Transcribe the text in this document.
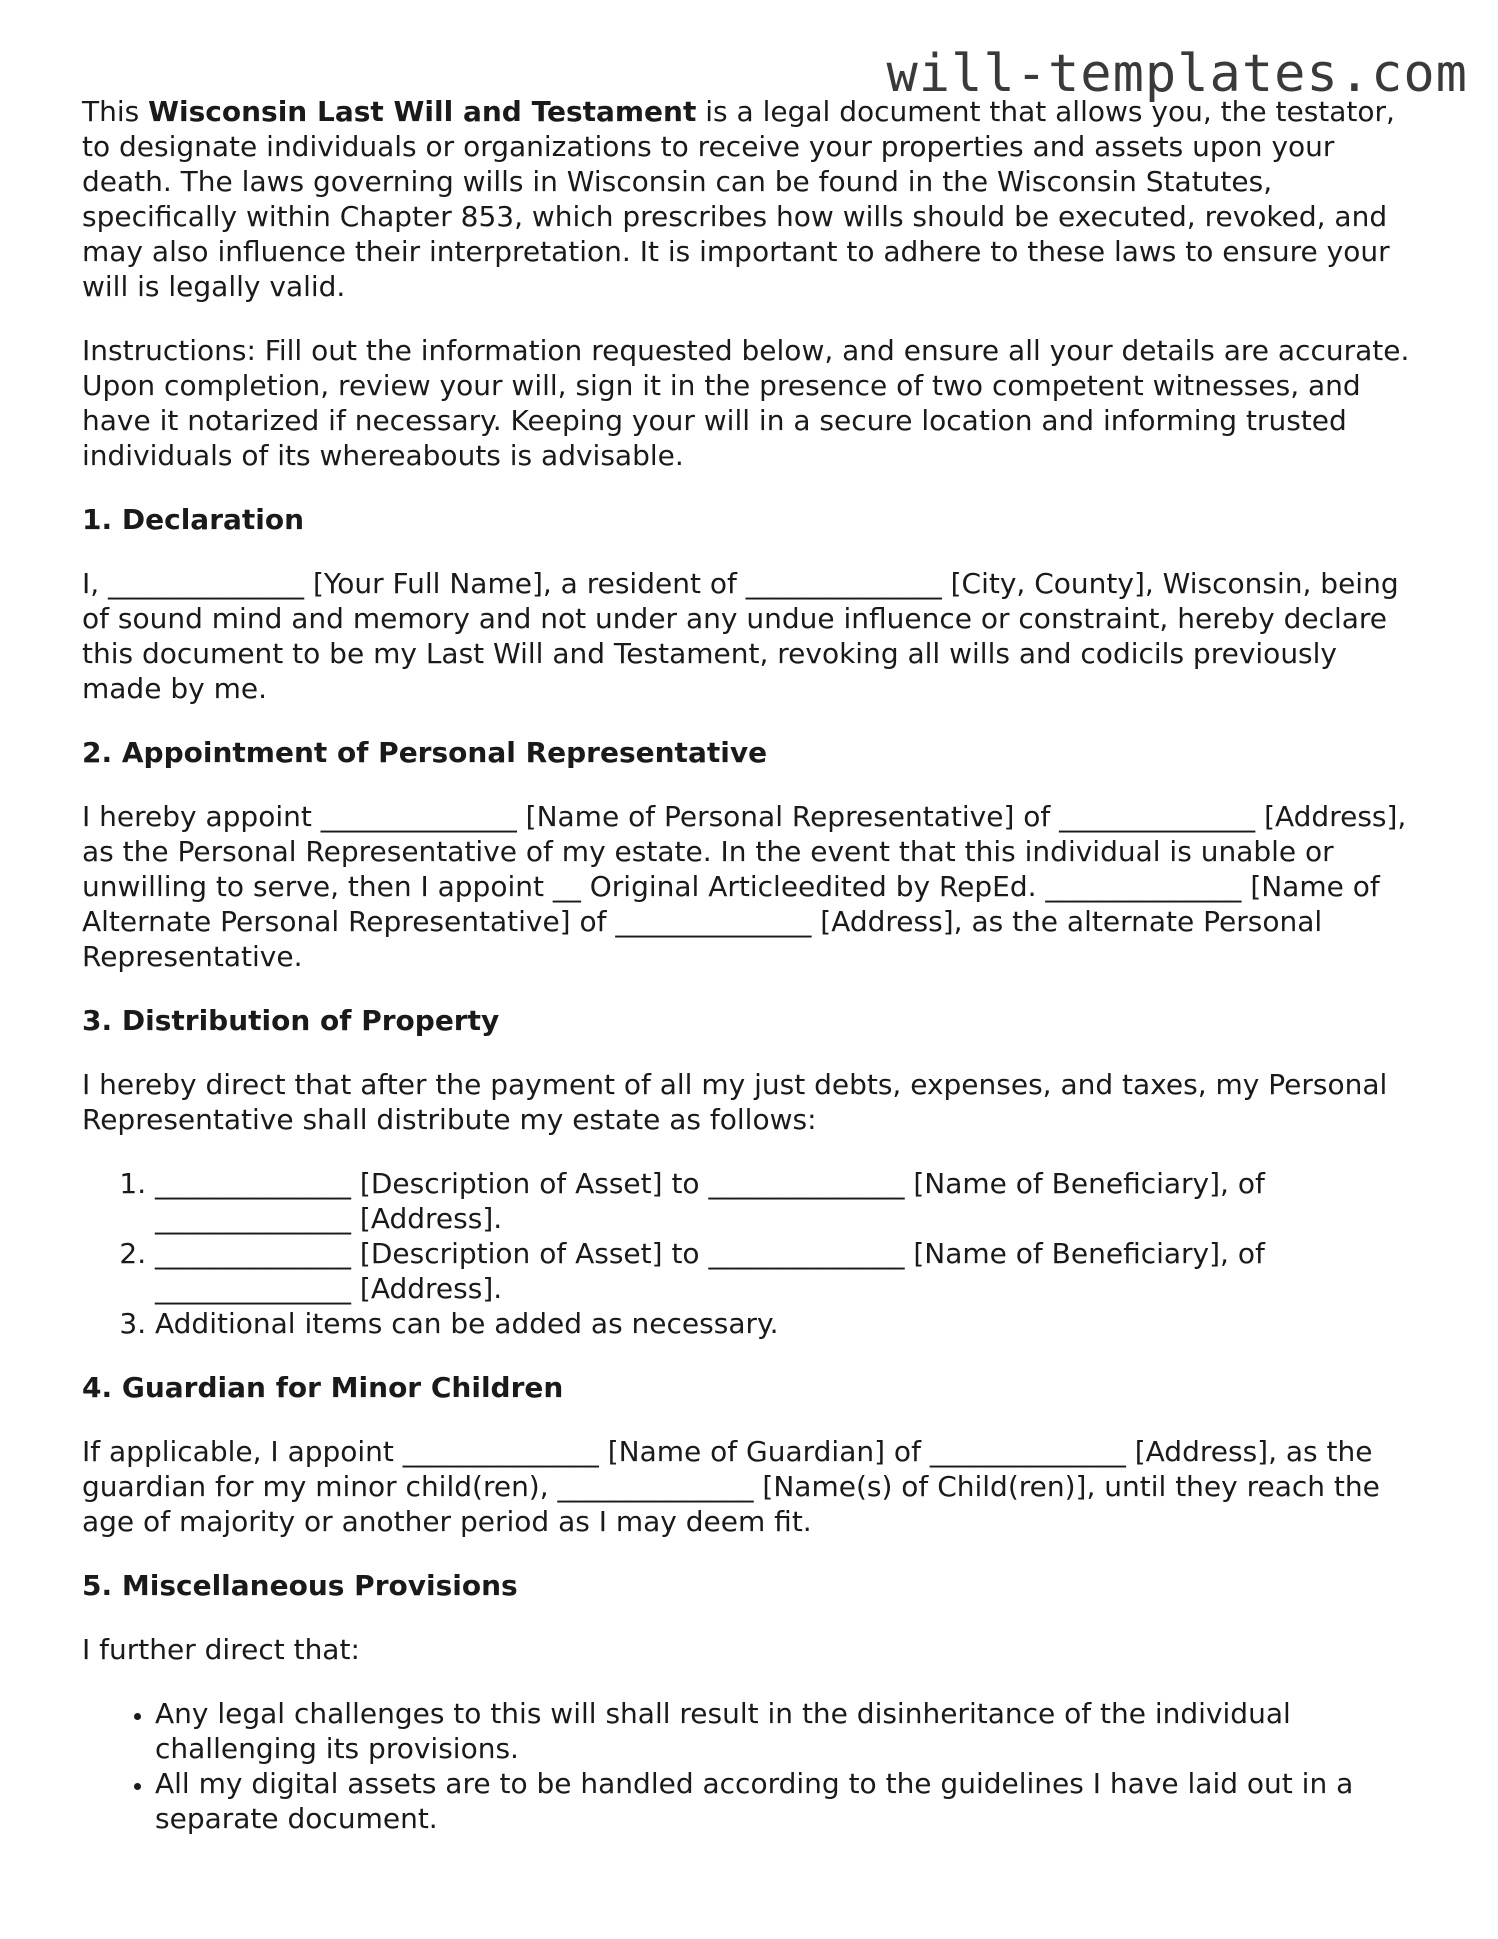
will-templates.com

This Wisconsin Last Will and Testament is a legal document that allows you, the testator, to designate individuals or organizations to receive your properties and assets upon your death. The laws governing wills in Wisconsin can be found in the Wisconsin Statutes, specifically within Chapter 853, which prescribes how wills should be executed, revoked, and may also influence their interpretation. It is important to adhere to these laws to ensure your will is legally valid.

Instructions: Fill out the information requested below, and ensure all your details are accurate. Upon completion, review your will, sign it in the presence of two competent witnesses, and have it notarized if necessary. Keeping your will in a secure location and informing trusted individuals of its whereabouts is advisable.

1. Declaration

I, ______________ [Your Full Name], a resident of ______________ [City, County], Wisconsin, being of sound mind and memory and not under any undue influence or constraint, hereby declare this document to be my Last Will and Testament, revoking all wills and codicils previously made by me.

2. Appointment of Personal Representative

I hereby appoint ______________ [Name of Personal Representative] of ______________ [Address], as the Personal Representative of my estate. In the event that this individual is unable or unwilling to serve, then I appoint __ Original Articleedited by RepEd. ______________ [Name of Alternate Personal Representative] of ______________ [Address], as the alternate Personal Representative.

3. Distribution of Property

I hereby direct that after the payment of all my just debts, expenses, and taxes, my Personal Representative shall distribute my estate as follows:

1. ______________ [Description of Asset] to ______________ [Name of Beneficiary], of ______________ [Address].
2. ______________ [Description of Asset] to ______________ [Name of Beneficiary], of ______________ [Address].
3. Additional items can be added as necessary.
4. Guardian for Minor Children

If applicable, I appoint ______________ [Name of Guardian] of ______________ [Address], as the guardian for my minor child(ren), ______________ [Name(s) of Child(ren)], until they reach the age of majority or another period as I may deem fit.

5. Miscellaneous Provisions

I further direct that:

• Any legal challenges to this will shall result in the disinheritance of the individual challenging its provisions.
• All my digital assets are to be handled according to the guidelines I have laid out in a separate document.
